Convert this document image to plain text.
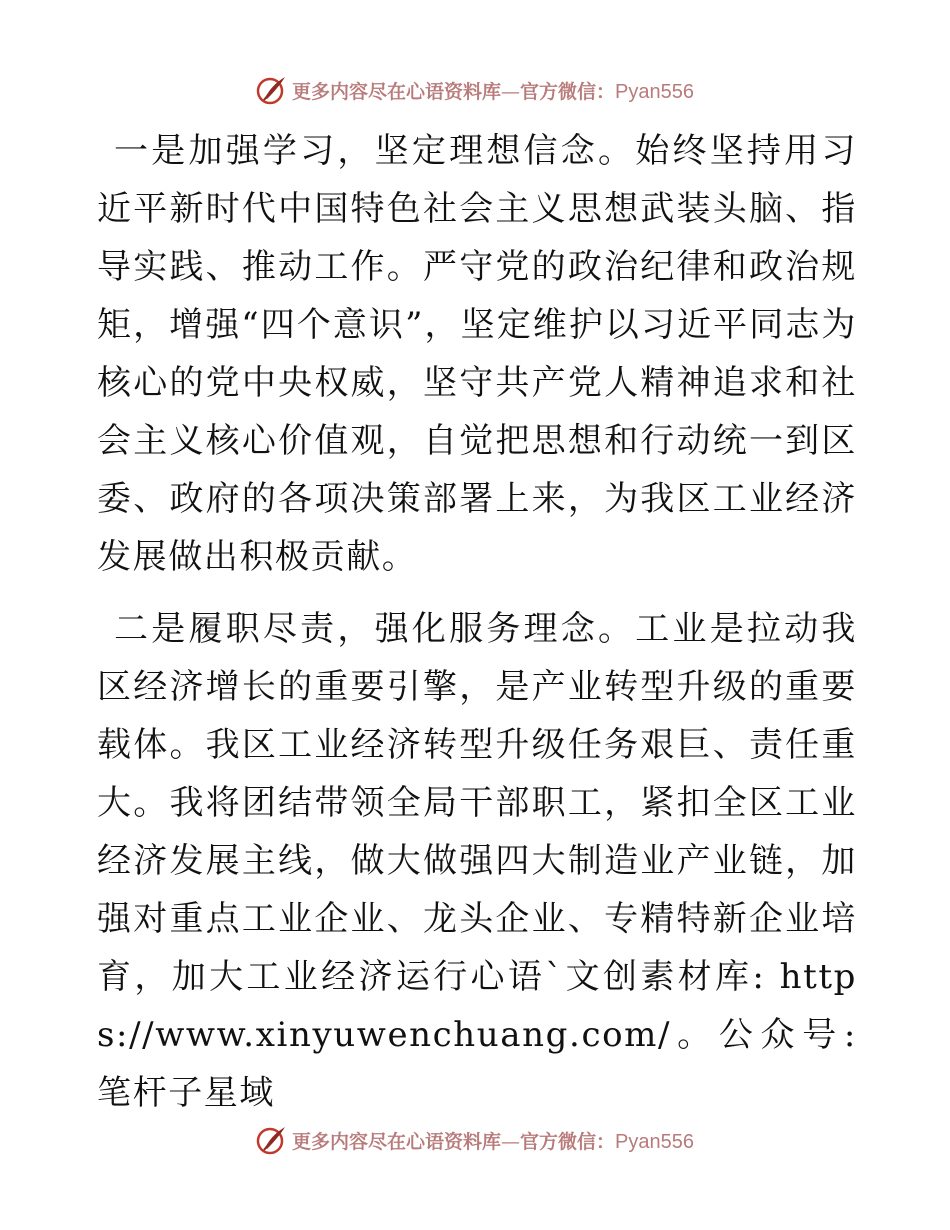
更多内容尽在心语资料库—官方微信：Pyan556

一是加强学习，坚定理想信念。始终坚持用习近平新时代中国特色社会主义思想武装头脑、指导实践、推动工作。严守党的政治纪律和政治规矩，增强“四个意识”，坚定维护以习近平同志为核心的党中央权威，坚守共产党人精神追求和社会主义核心价值观，自觉把思想和行动统一到区委、政府的各项决策部署上来，为我区工业经济发展做出积极贡献。

二是履职尽责，强化服务理念。工业是拉动我区经济增长的重要引擎，是产业转型升级的重要载体。我区工业经济转型升级任务艰巨、责任重大。我将团结带领全局干部职工，紧扣全区工业经济发展主线，做大做强四大制造业产业链，加强对重点工业企业、龙头企业、专精特新企业培育，加大工业经济运行心语`文创素材库: https://www.xinyuwenchuang.com/。公众号: 笔杆子星域

更多内容尽在心语资料库—官方微信：Pyan556
